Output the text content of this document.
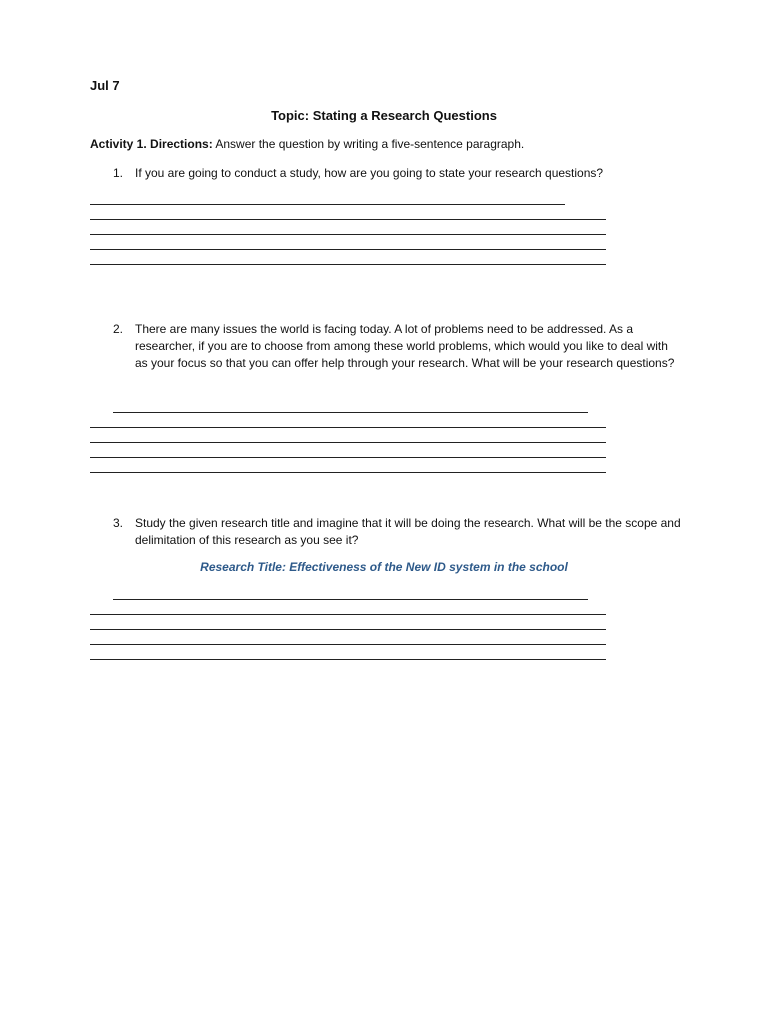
Jul 7
Topic: Stating a Research Questions
Activity 1. Directions: Answer the question by writing a five-sentence paragraph.
1. If you are going to conduct a study, how are you going to state your research questions?
2. There are many issues the world is facing today. A lot of problems need to be addressed. As a researcher, if you are to choose from among these world problems, which would you like to deal with as your focus so that you can offer help through your research. What will be your research questions?
3. Study the given research title and imagine that it will be doing the research. What will be the scope and delimitation of this research as you see it?
Research Title: Effectiveness of the New ID system in the school
